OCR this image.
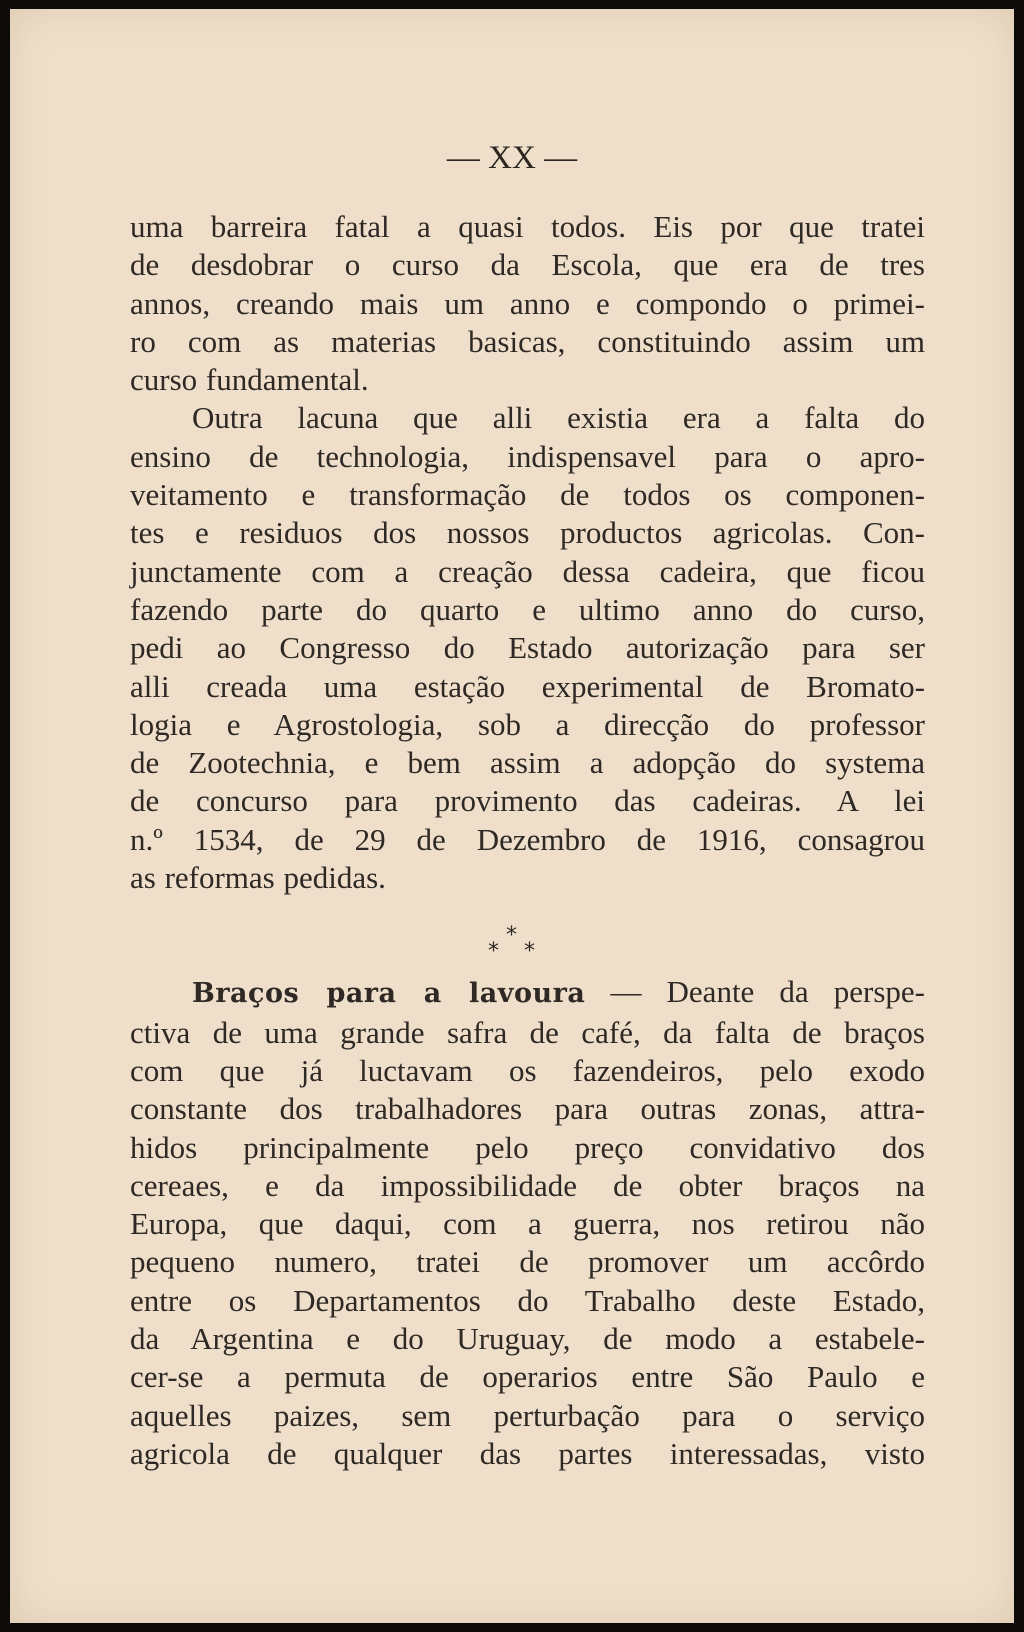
— XX —
uma barreira fatal a quasi todos. Eis por que tratei
de desdobrar o curso da Escola, que era de tres
annos, creando mais um anno e compondo o primei-
ro com as materias basicas, constituindo assim um
curso fundamental.
Outra lacuna que alli existia era a falta do
ensino de technologia, indispensavel para o apro-
veitamento e transformação de todos os componen-
tes e residuos dos nossos productos agricolas. Con-
junctamente com a creação dessa cadeira, que ficou
fazendo parte do quarto e ultimo anno do curso,
pedi ao Congresso do Estado autorização para ser
alli creada uma estação experimental de Bromato-
logia e Agrostologia, sob a direcção do professor
de Zootechnia, e bem assim a adopção do systema
de concurso para provimento das cadeiras. A lei
n.º 1534, de 29 de Dezembro de 1916, consagrou
as reformas pedidas.
*
* *
Braços para a lavoura — Deante da perspe-
ctiva de uma grande safra de café, da falta de braços
com que já luctavam os fazendeiros, pelo exodo
constante dos trabalhadores para outras zonas, attra-
hidos principalmente pelo preço convidativo dos
cereaes, e da impossibilidade de obter braços na
Europa, que daqui, com a guerra, nos retirou não
pequeno numero, tratei de promover um accôrdo
entre os Departamentos do Trabalho deste Estado,
da Argentina e do Uruguay, de modo a estabele-
cer-se a permuta de operarios entre São Paulo e
aquelles paizes, sem perturbação para o serviço
agricola de qualquer das partes interessadas, visto
